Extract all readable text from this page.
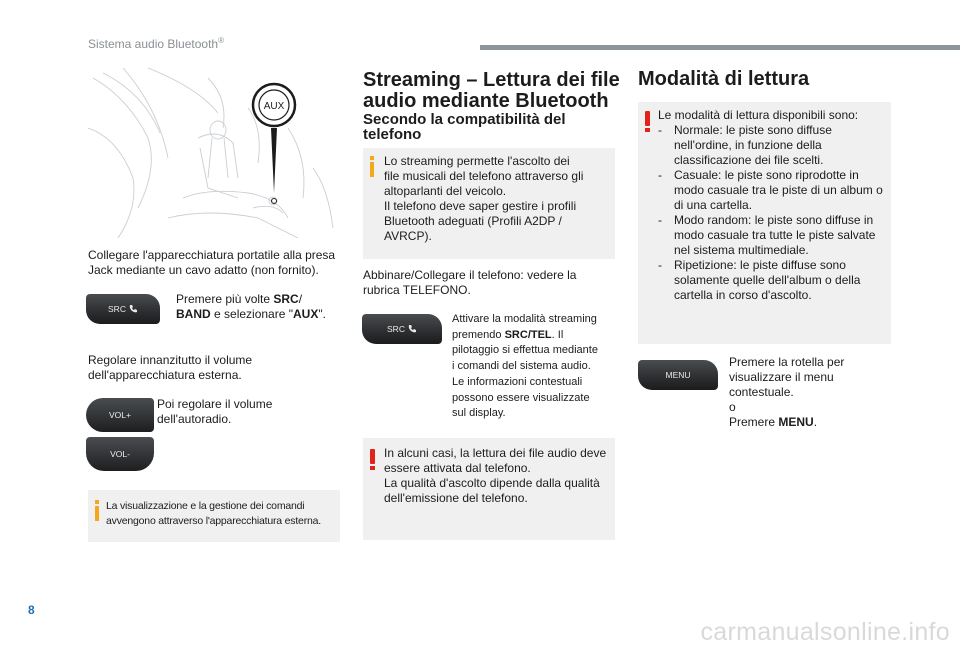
Sistema audio Bluetooth®
AUX
Collegare l'apparecchiatura portatile alla presa Jack mediante un cavo adatto (non fornito).
SRC
Premere più volte SRC/
BAND e selezionare "AUX".
Regolare innanzitutto il volume dell'apparecchiatura esterna.
VOL+
VOL-
Poi regolare il volume dell'autoradio.
La visualizzazione e la gestione dei comandi avvengono attraverso l'apparecchiatura esterna.
Streaming – Lettura dei file audio mediante Bluetooth
Secondo la compatibilità del telefono
Lo streaming permette l'ascolto dei
file musicali del telefono attraverso gli
altoparlanti del veicolo.
Il telefono deve saper gestire i profili
Bluetooth adeguati (Profili A2DP /
AVRCP).
Abbinare/Collegare il telefono: vedere la rubrica TELEFONO.
SRC
Attivare la modalità streaming
premendo SRC/TEL. Il
pilotaggio si effettua mediante
i comandi del sistema audio.
Le informazioni contestuali
possono essere visualizzate
sul display.
In alcuni casi, la lettura dei file audio deve
essere attivata dal telefono.
La qualità d'ascolto dipende dalla qualità
dell'emissione del telefono.
Modalità di lettura
Le modalità di lettura disponibili sono:
-	Normale: le piste sono diffuse
nell'ordine, in funzione della
classificazione dei file scelti.
-	Casuale: le piste sono riprodotte in
modo casuale tra le piste di un album o
di una cartella.
-	Modo random: le piste sono diffuse in
modo casuale tra tutte le piste salvate
nel sistema multimediale.
-	Ripetizione: le piste diffuse sono
solamente quelle dell'album o della
cartella in corso d'ascolto.
MENU
Premere la rotella per
visualizzare il menu
contestuale.
o
Premere MENU.
8
carmanualsonline.info
